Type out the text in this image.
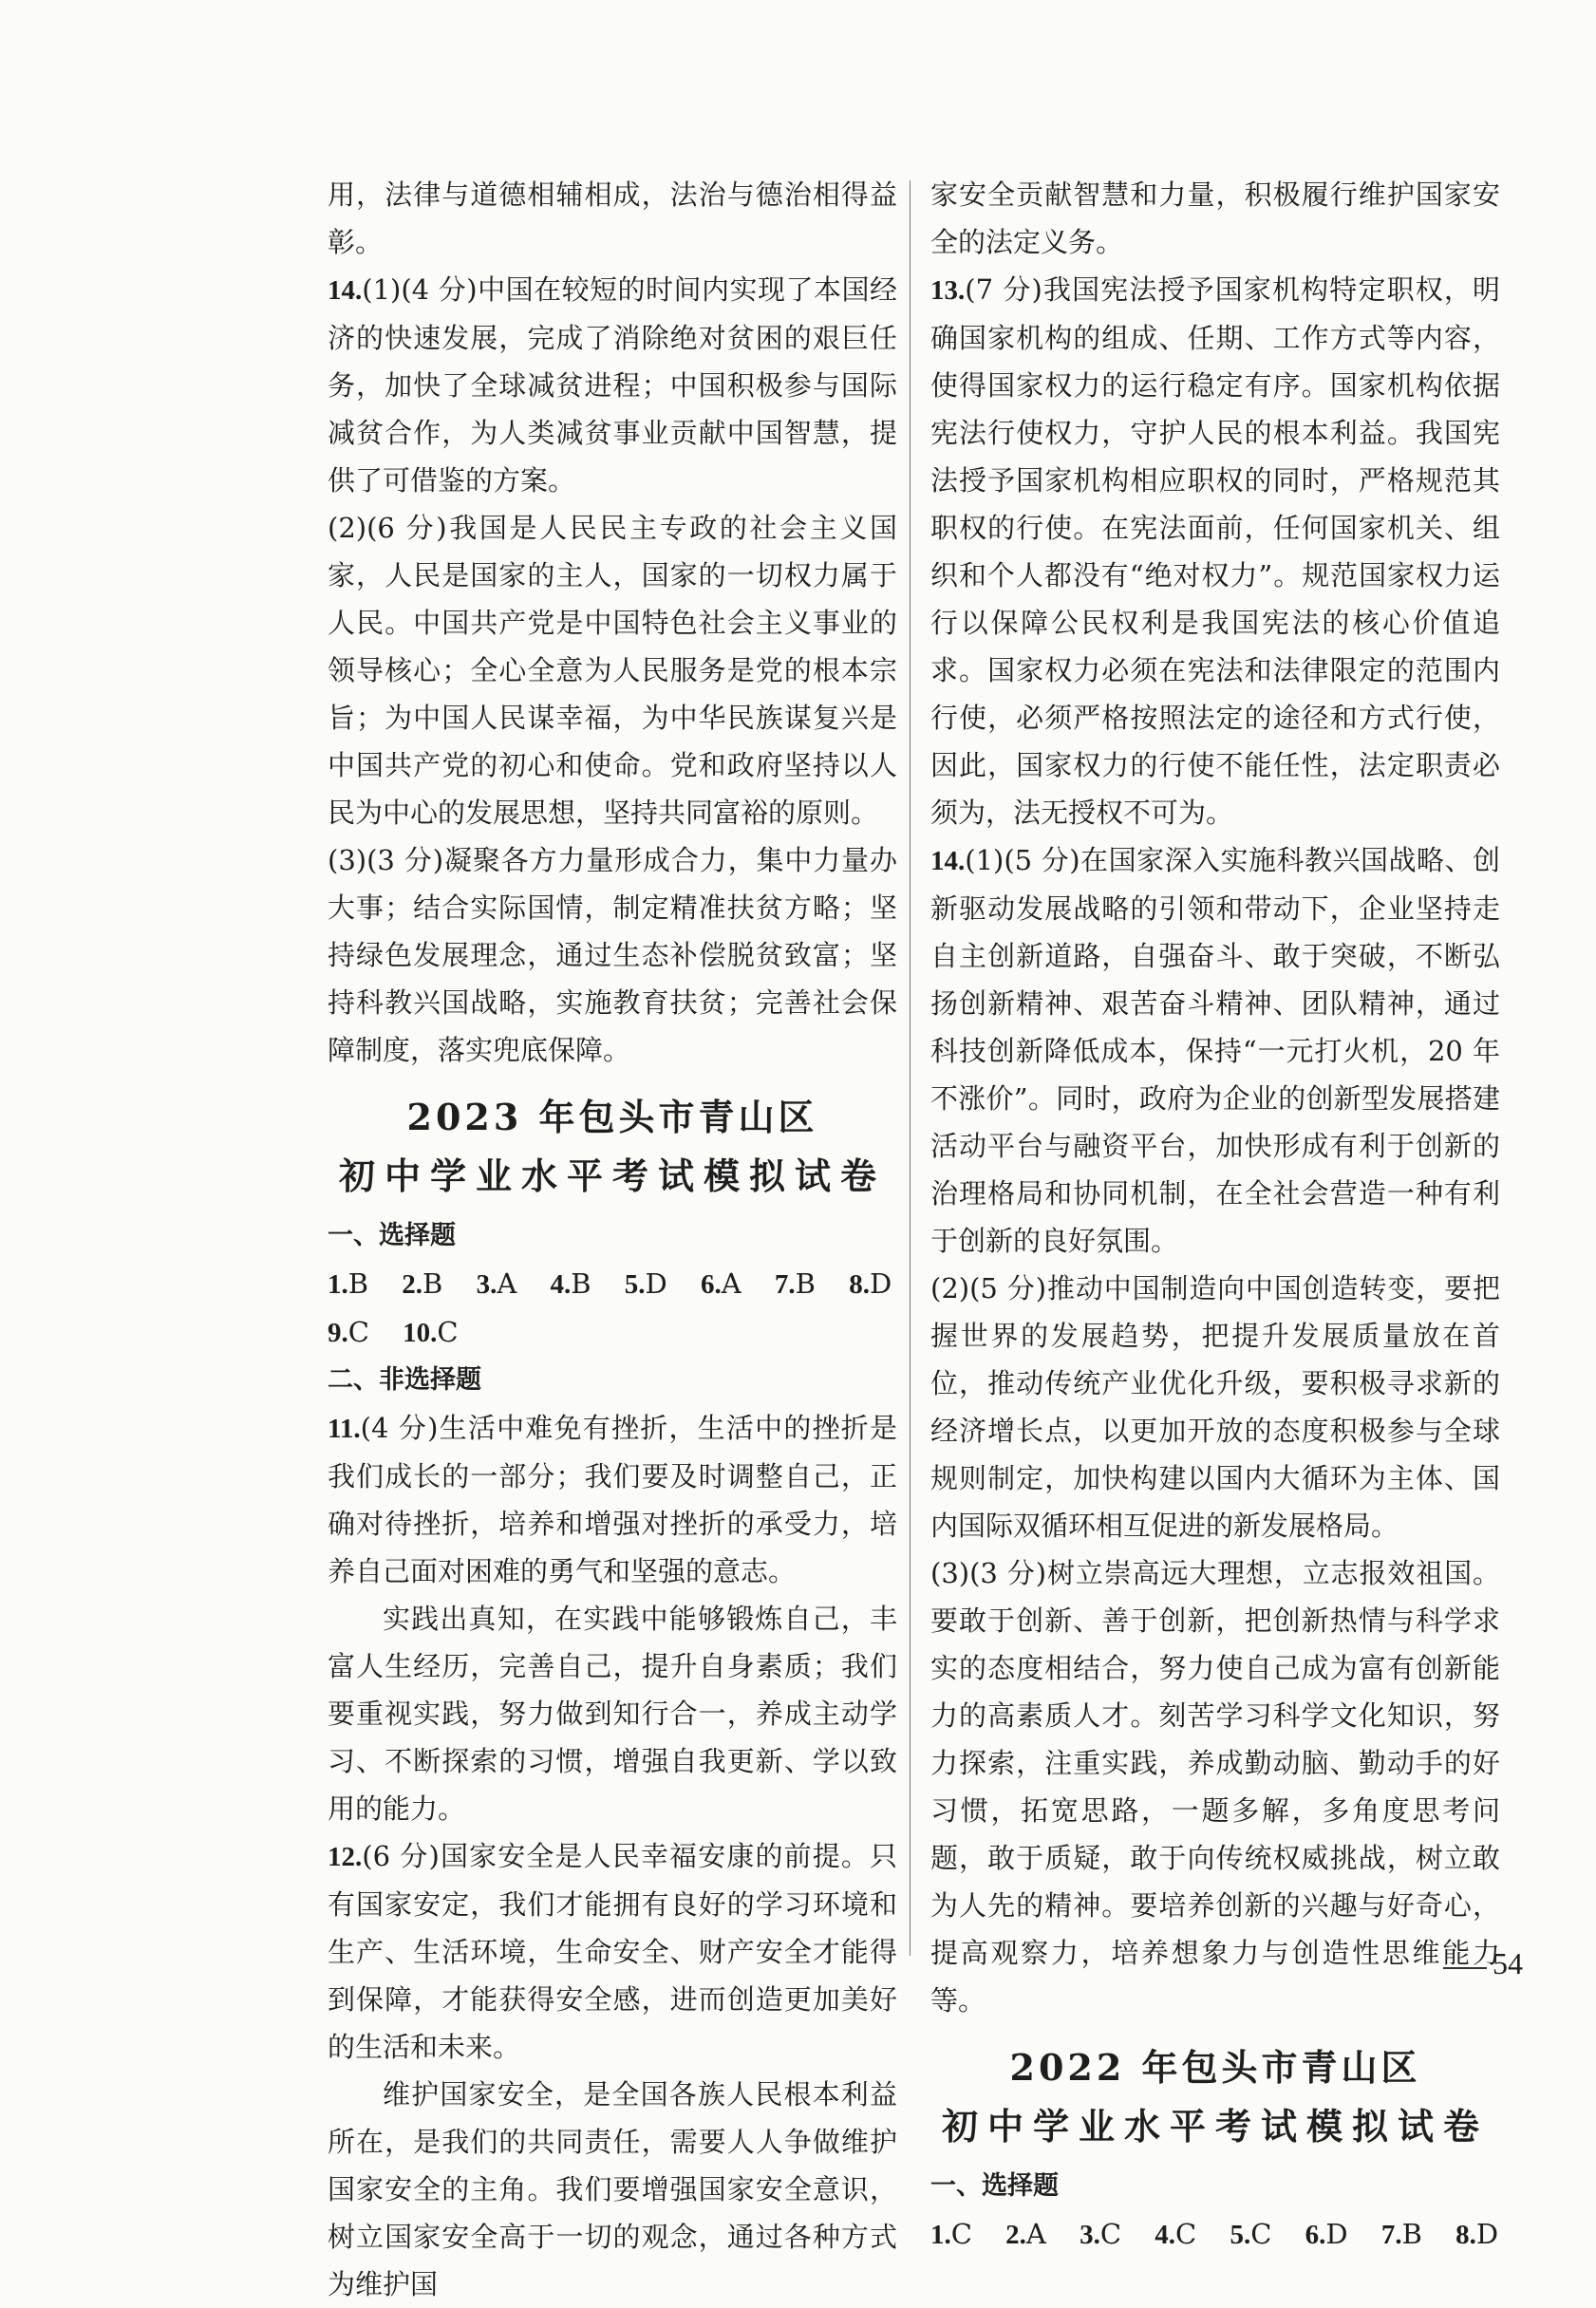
用，法律与道德相辅相成，法治与德治相得益彰。

14.(1)(4 分)中国在较短的时间内实现了本国经济的快速发展，完成了消除绝对贫困的艰巨任务，加快了全球减贫进程；中国积极参与国际减贫合作，为人类减贫事业贡献中国智慧，提供了可借鉴的方案。

(2)(6 分)我国是人民民主专政的社会主义国家，人民是国家的主人，国家的一切权力属于人民。中国共产党是中国特色社会主义事业的领导核心；全心全意为人民服务是党的根本宗旨；为中国人民谋幸福，为中华民族谋复兴是中国共产党的初心和使命。党和政府坚持以人民为中心的发展思想，坚持共同富裕的原则。

(3)(3 分)凝聚各方力量形成合力，集中力量办大事；结合实际国情，制定精准扶贫方略；坚持绿色发展理念，通过生态补偿脱贫致富；坚持科教兴国战略，实施教育扶贫；完善社会保障制度，落实兜底保障。

2023 年包头市青山区
初中学业水平考试模拟试卷

一、选择题

1.B 2.B 3.A 4.B 5.D 6.A 7.B 8.D

9.C 10.C

二、非选择题

11.(4 分)生活中难免有挫折，生活中的挫折是我们成长的一部分；我们要及时调整自己，正确对待挫折，培养和增强对挫折的承受力，培养自己面对困难的勇气和坚强的意志。

实践出真知，在实践中能够锻炼自己，丰富人生经历，完善自己，提升自身素质；我们要重视实践，努力做到知行合一，养成主动学习、不断探索的习惯，增强自我更新、学以致用的能力。

12.(6 分)国家安全是人民幸福安康的前提。只有国家安定，我们才能拥有良好的学习环境和生产、生活环境，生命安全、财产安全才能得到保障，才能获得安全感，进而创造更加美好的生活和未来。

维护国家安全，是全国各族人民根本利益所在，是我们的共同责任，需要人人争做维护国家安全的主角。我们要增强国家安全意识，树立国家安全高于一切的观念，通过各种方式为维护国

家安全贡献智慧和力量，积极履行维护国家安全的法定义务。

13.(7 分)我国宪法授予国家机构特定职权，明确国家机构的组成、任期、工作方式等内容，使得国家权力的运行稳定有序。国家机构依据宪法行使权力，守护人民的根本利益。我国宪法授予国家机构相应职权的同时，严格规范其职权的行使。在宪法面前，任何国家机关、组织和个人都没有“绝对权力”。规范国家权力运行以保障公民权利是我国宪法的核心价值追求。国家权力必须在宪法和法律限定的范围内行使，必须严格按照法定的途径和方式行使，因此，国家权力的行使不能任性，法定职责必须为，法无授权不可为。

14.(1)(5 分)在国家深入实施科教兴国战略、创新驱动发展战略的引领和带动下，企业坚持走自主创新道路，自强奋斗、敢于突破，不断弘扬创新精神、艰苦奋斗精神、团队精神，通过科技创新降低成本，保持“一元打火机，20 年不涨价”。同时，政府为企业的创新型发展搭建活动平台与融资平台，加快形成有利于创新的治理格局和协同机制，在全社会营造一种有利于创新的良好氛围。

(2)(5 分)推动中国制造向中国创造转变，要把握世界的发展趋势，把提升发展质量放在首位，推动传统产业优化升级，要积极寻求新的经济增长点，以更加开放的态度积极参与全球规则制定，加快构建以国内大循环为主体、国内国际双循环相互促进的新发展格局。

(3)(3 分)树立崇高远大理想，立志报效祖国。要敢于创新、善于创新，把创新热情与科学求实的态度相结合，努力使自己成为富有创新能力的高素质人才。刻苦学习科学文化知识，努力探索，注重实践，养成勤动脑、勤动手的好习惯，拓宽思路，一题多解，多角度思考问题，敢于质疑，敢于向传统权威挑战，树立敢为人先的精神。要培养创新的兴趣与好奇心，提高观察力，培养想象力与创造性思维能力等。

2022 年包头市青山区
初中学业水平考试模拟试卷

一、选择题

1.C 2.A 3.C 4.C 5.C 6.D 7.B 8.D

54
